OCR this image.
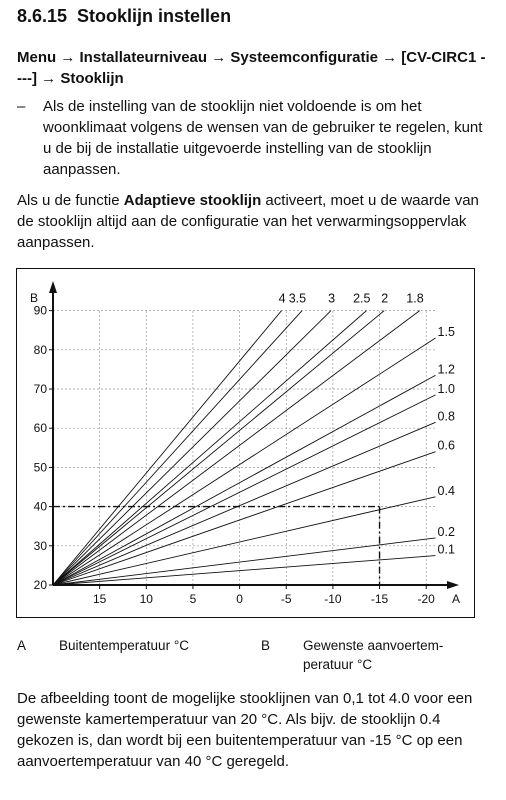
8.6.15 Stooklijn instellen
Menu → Installateurniveau → Systeemconfiguratie → [CV-CIRC1 ----] → Stooklijn
– Als de instelling van de stooklijn niet voldoende is om het woonklimaat volgens de wensen van de gebruiker te regelen, kunt u de bij de installatie uitgevoerde instelling van de stooklijn aanpassen.
Als u de functie Adaptieve stooklijn activeert, moet u de waarde van de stooklijn altijd aan de configuratie van het verwarmingsoppervlak aanpassen.
20
30
40
50
60
70
80
90
15	10	5	0	-5	-10 -15 -20
B
A
4 3.5 3 2.5 2 1.8
1.5
1.2
1.0
0.8
0.6
0.4
0.2
0.1
A Buitentemperatuur °C	B Gewenste aanvoertem-peratuur °C
De afbeelding toont de mogelijke stooklijnen van 0,1 tot 4.0 voor een gewenste kamertemperatuur van 20 °C. Als bijv. de stooklijn 0.4 gekozen is, dan wordt bij een buitentemperatuur van -15 °C op een aanvoertemperatuur van 40 °C geregeld.
